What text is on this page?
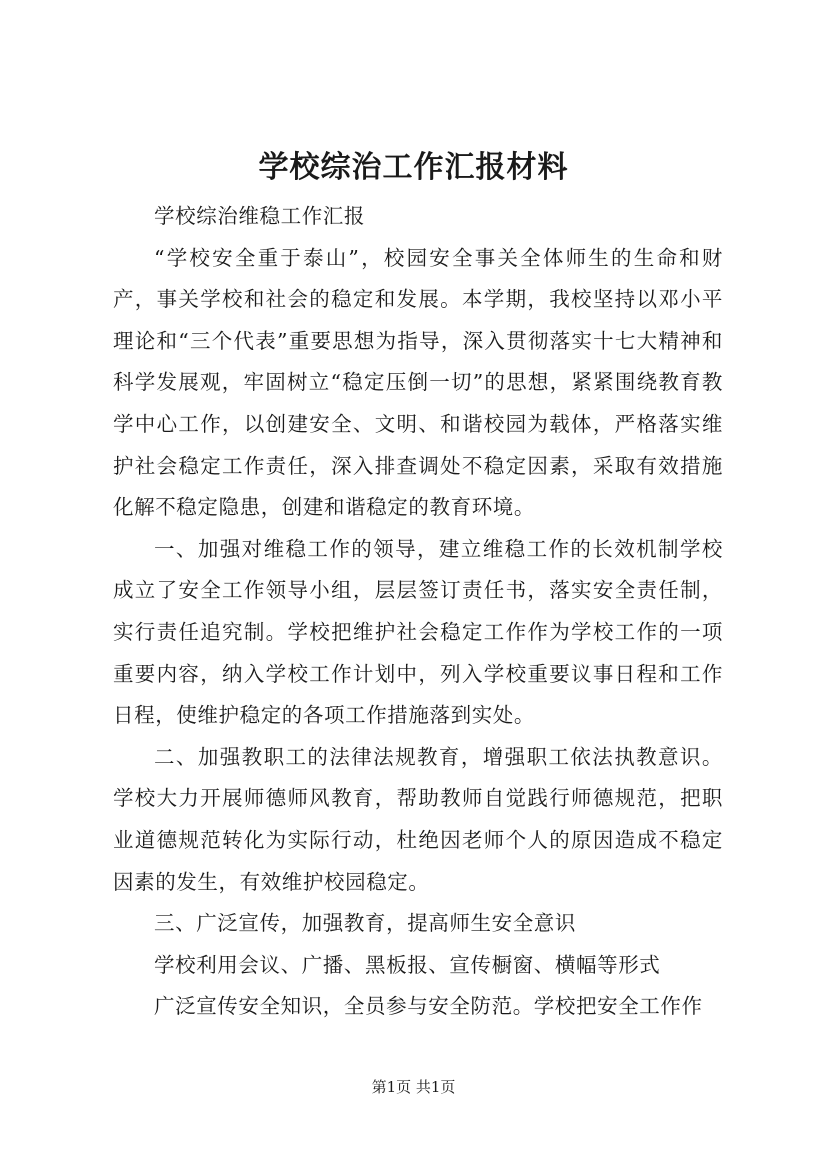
学校综治工作汇报材料

学校综治维稳工作汇报

“学校安全重于泰山”，校园安全事关全体师生的生命和财产，事关学校和社会的稳定和发展。本学期，我校坚持以邓小平理论和“三个代表”重要思想为指导，深入贯彻落实十七大精神和科学发展观，牢固树立“稳定压倒一切”的思想，紧紧围绕教育教学中心工作，以创建安全、文明、和谐校园为载体，严格落实维护社会稳定工作责任，深入排查调处不稳定因素，采取有效措施化解不稳定隐患，创建和谐稳定的教育环境。

一、加强对维稳工作的领导，建立维稳工作的长效机制学校成立了安全工作领导小组，层层签订责任书，落实安全责任制，实行责任追究制。学校把维护社会稳定工作作为学校工作的一项重要内容，纳入学校工作计划中，列入学校重要议事日程和工作日程，使维护稳定的各项工作措施落到实处。

二、加强教职工的法律法规教育，增强职工依法执教意识。学校大力开展师德师风教育，帮助教师自觉践行师德规范，把职业道德规范转化为实际行动，杜绝因老师个人的原因造成不稳定因素的发生，有效维护校园稳定。

三、广泛宣传，加强教育，提高师生安全意识

学校利用会议、广播、黑板报、宣传橱窗、横幅等形式

广泛宣传安全知识，全员参与安全防范。学校把安全工作作

第1页 共1页
